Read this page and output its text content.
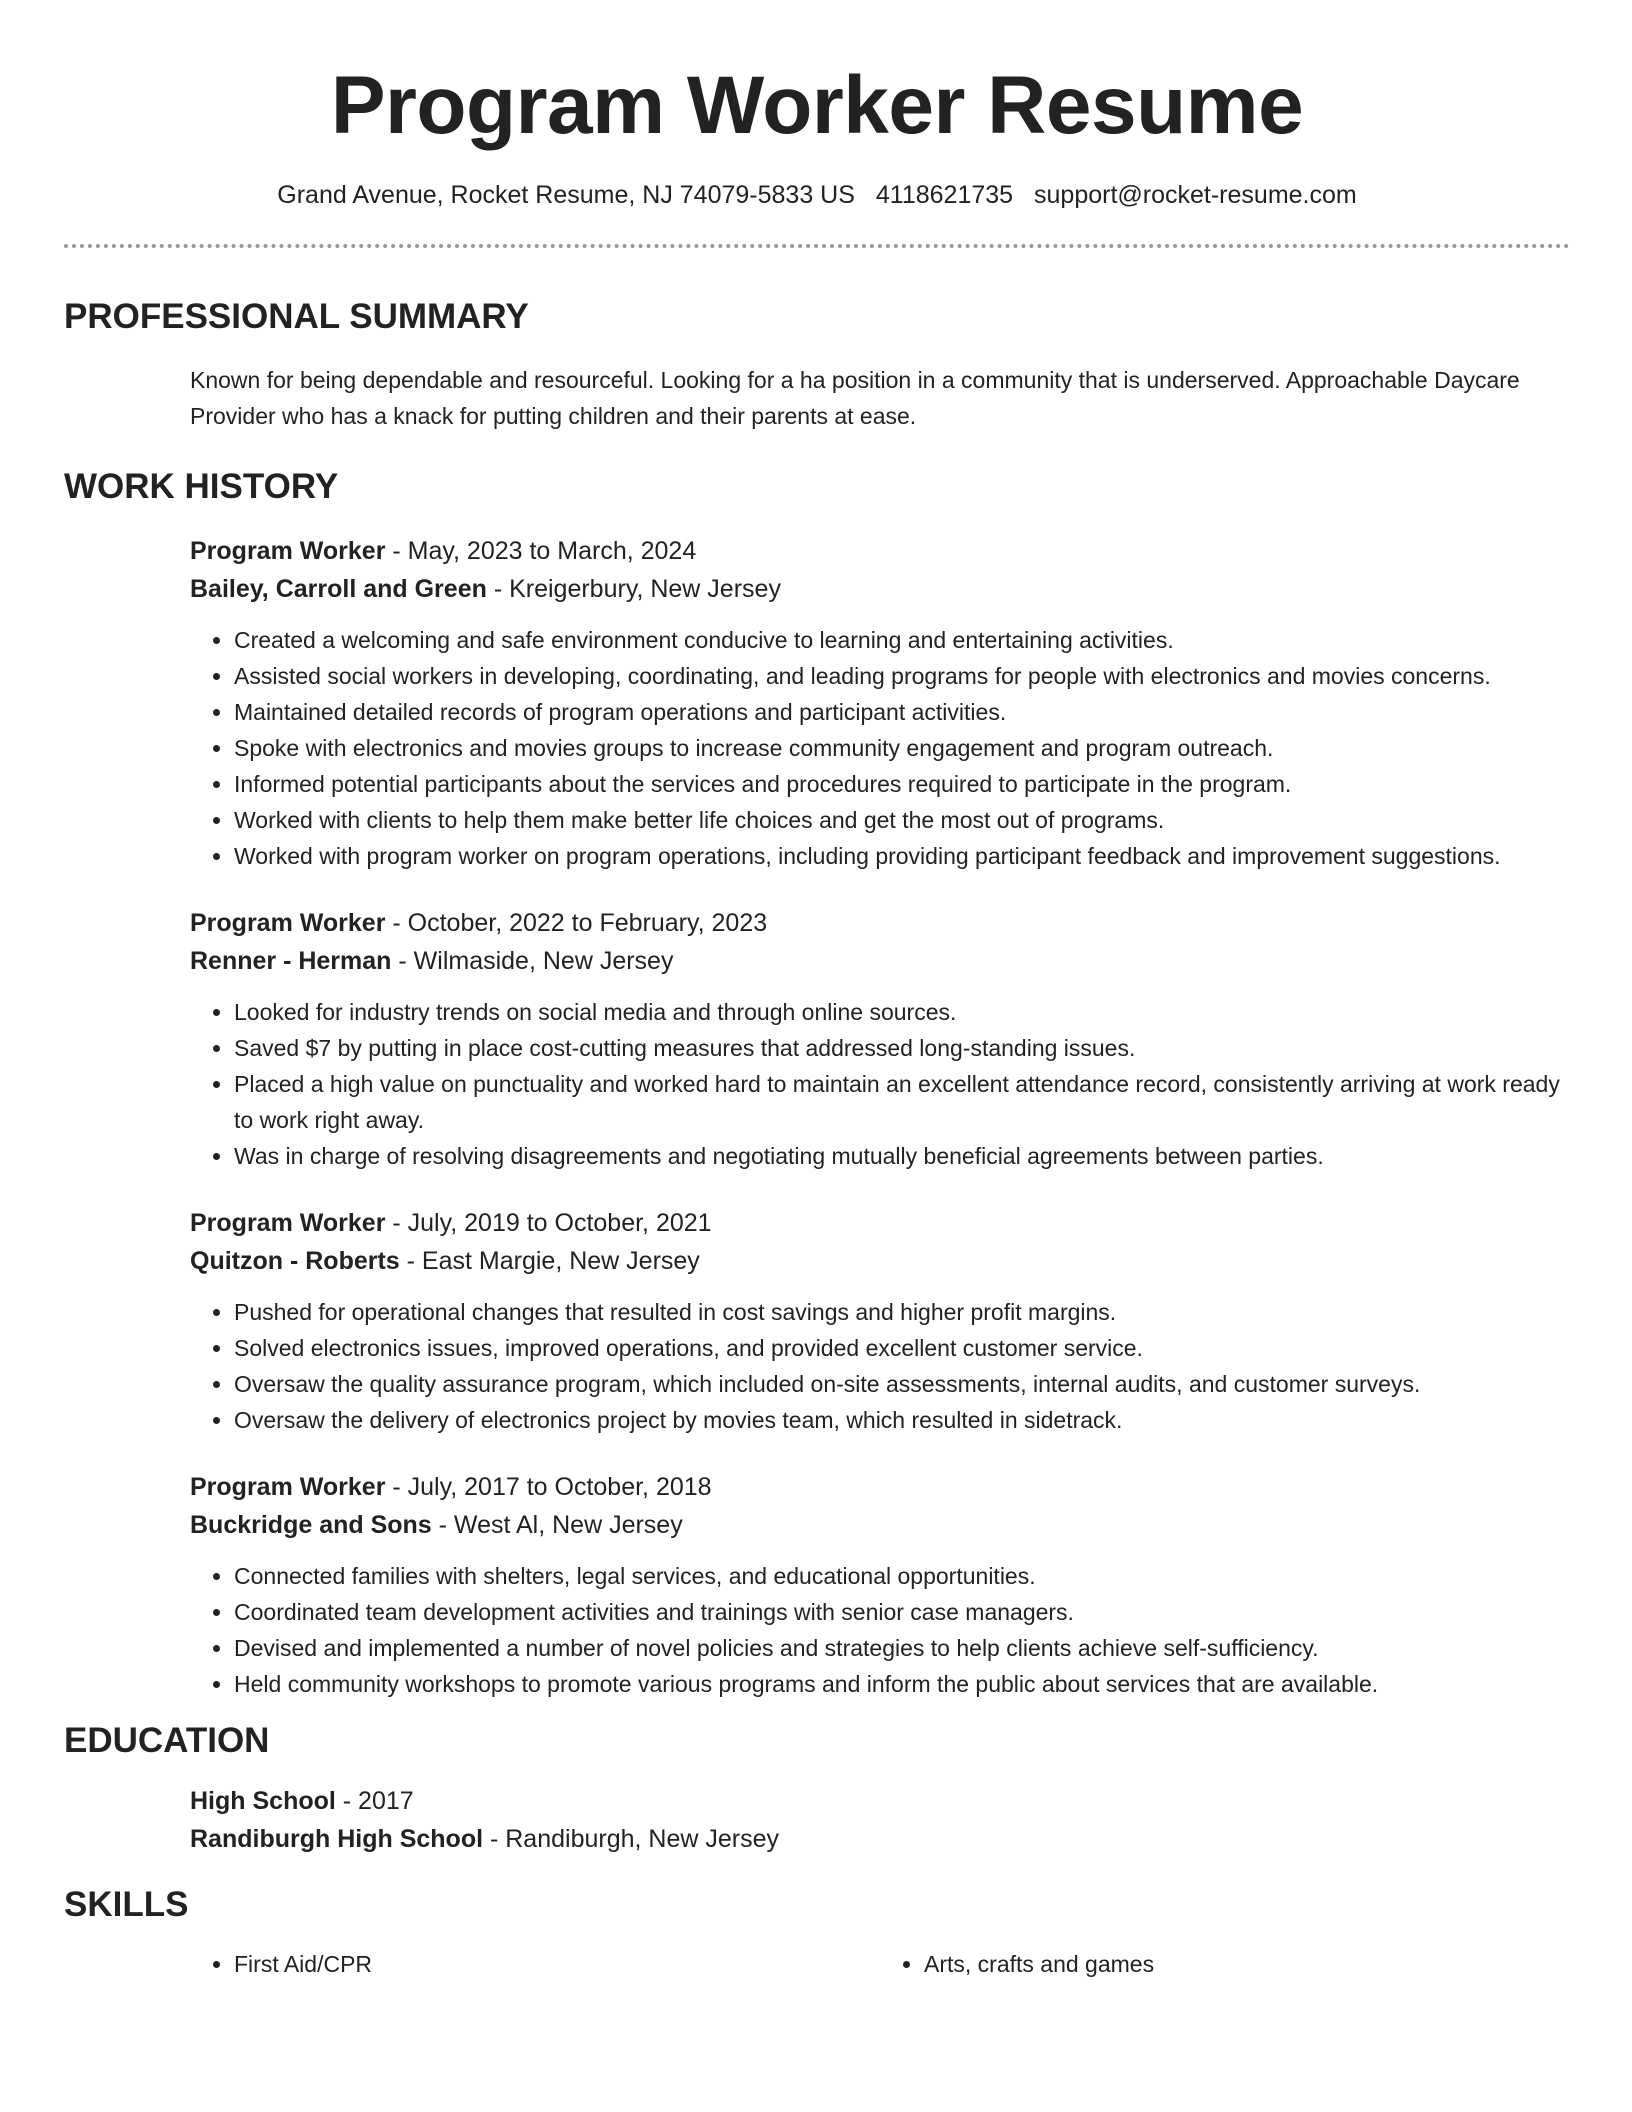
Program Worker Resume
Grand Avenue, Rocket Resume, NJ 74079-5833 US 4118621735 support@rocket-resume.com
PROFESSIONAL SUMMARY
Known for being dependable and resourceful. Looking for a ha position in a community that is underserved. Approachable Daycare Provider who has a knack for putting children and their parents at ease.
WORK HISTORY
Program Worker - May, 2023 to March, 2024
Bailey, Carroll and Green - Kreigerbury, New Jersey
• Created a welcoming and safe environment conducive to learning and entertaining activities.
• Assisted social workers in developing, coordinating, and leading programs for people with electronics and movies concerns.
• Maintained detailed records of program operations and participant activities.
• Spoke with electronics and movies groups to increase community engagement and program outreach.
• Informed potential participants about the services and procedures required to participate in the program.
• Worked with clients to help them make better life choices and get the most out of programs.
• Worked with program worker on program operations, including providing participant feedback and improvement suggestions.
Program Worker - October, 2022 to February, 2023
Renner - Herman - Wilmaside, New Jersey
• Looked for industry trends on social media and through online sources.
• Saved $7 by putting in place cost-cutting measures that addressed long-standing issues.
• Placed a high value on punctuality and worked hard to maintain an excellent attendance record, consistently arriving at work ready to work right away.
• Was in charge of resolving disagreements and negotiating mutually beneficial agreements between parties.
Program Worker - July, 2019 to October, 2021
Quitzon - Roberts - East Margie, New Jersey
• Pushed for operational changes that resulted in cost savings and higher profit margins.
• Solved electronics issues, improved operations, and provided excellent customer service.
• Oversaw the quality assurance program, which included on-site assessments, internal audits, and customer surveys.
• Oversaw the delivery of electronics project by movies team, which resulted in sidetrack.
Program Worker - July, 2017 to October, 2018
Buckridge and Sons - West Al, New Jersey
• Connected families with shelters, legal services, and educational opportunities.
• Coordinated team development activities and trainings with senior case managers.
• Devised and implemented a number of novel policies and strategies to help clients achieve self-sufficiency.
• Held community workshops to promote various programs and inform the public about services that are available.
EDUCATION
High School - 2017
Randiburgh High School - Randiburgh, New Jersey
SKILLS
• First Aid/CPR
•	Arts, crafts and games
